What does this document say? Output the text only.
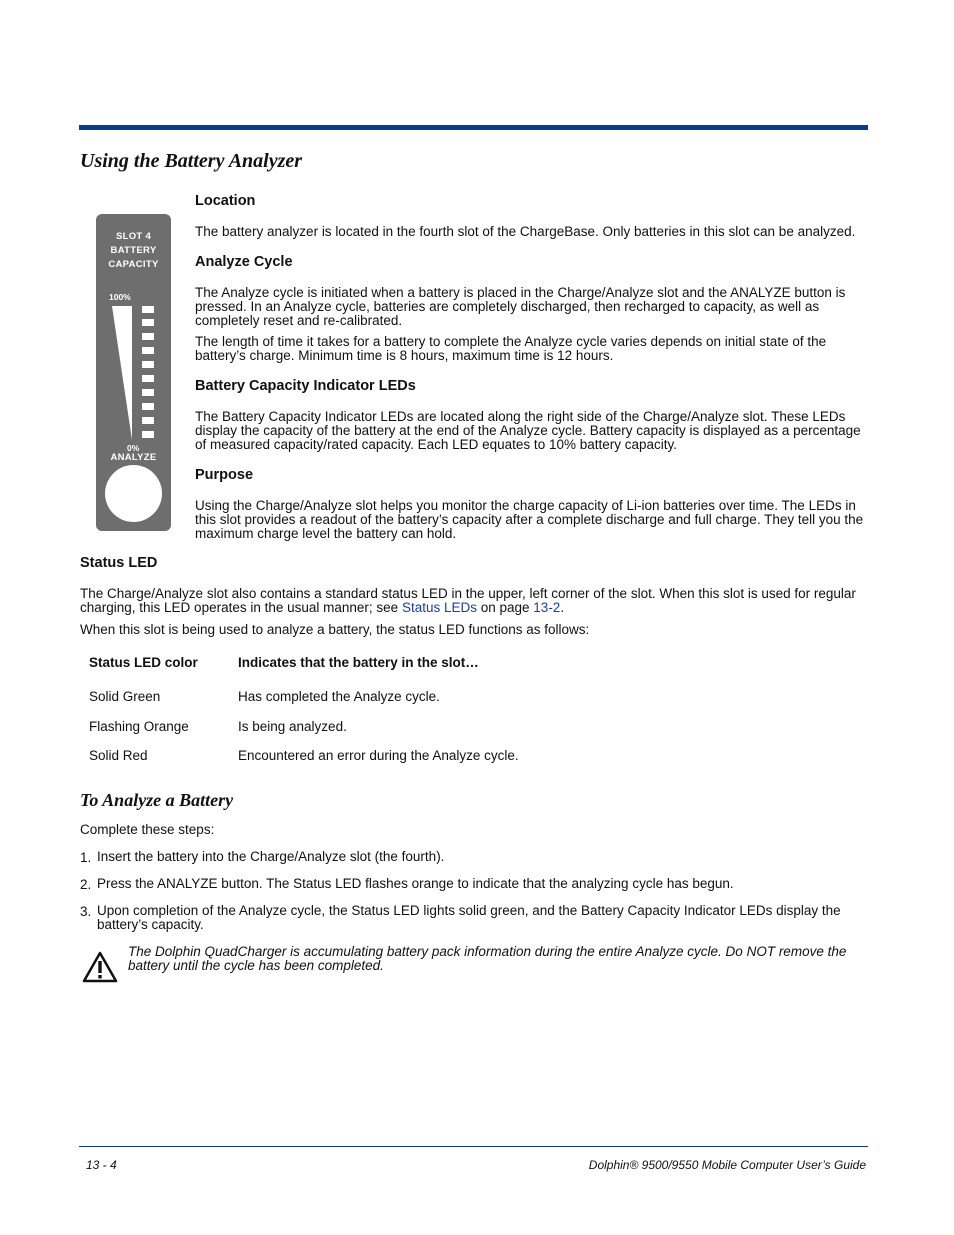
Using the Battery Analyzer
SLOT 4
BATTERY
CAPACITY
100%
0%
ANALYZE
Location
The battery analyzer is located in the fourth slot of the ChargeBase. Only batteries in this slot can be analyzed.
Analyze Cycle
The Analyze cycle is initiated when a battery is placed in the Charge/Analyze slot and the ANALYZE button is pressed. In an Analyze cycle, batteries are completely discharged, then recharged to capacity, as well as completely reset and re-calibrated.
The length of time it takes for a battery to complete the Analyze cycle varies depends on initial state of the battery’s charge. Minimum time is 8 hours, maximum time is 12 hours.
Battery Capacity Indicator LEDs
The Battery Capacity Indicator LEDs are located along the right side of the Charge/Analyze slot. These LEDs display the capacity of the battery at the end of the Analyze cycle. Battery capacity is displayed as a percentage of measured capacity/rated capacity. Each LED equates to 10% battery capacity.
Purpose
Using the Charge/Analyze slot helps you monitor the charge capacity of Li-ion batteries over time. The LEDs in this slot provides a readout of the battery’s capacity after a complete discharge and full charge. They tell you the maximum charge level the battery can hold.
Status LED
The Charge/Analyze slot also contains a standard status LED in the upper, left corner of the slot. When this slot is used for regular charging, this LED operates in the usual manner; see Status LEDs on page 13-2.
When this slot is being used to analyze a battery, the status LED functions as follows:
Status LED color	Indicates that the battery in the slot…
Solid Green	Has completed the Analyze cycle.
Flashing Orange	Is being analyzed.
Solid Red	Encountered an error during the Analyze cycle.
To Analyze a Battery
Complete these steps:
1. Insert the battery into the Charge/Analyze slot (the fourth).
2. Press the ANALYZE button. The Status LED flashes orange to indicate that the analyzing cycle has begun.
3. Upon completion of the Analyze cycle, the Status LED lights solid green, and the Battery Capacity Indicator LEDs display the battery’s capacity.
The Dolphin QuadCharger is accumulating battery pack information during the entire Analyze cycle. Do NOT remove the battery until the cycle has been completed.
13 - 4	Dolphin® 9500/9550 Mobile Computer User’s Guide
